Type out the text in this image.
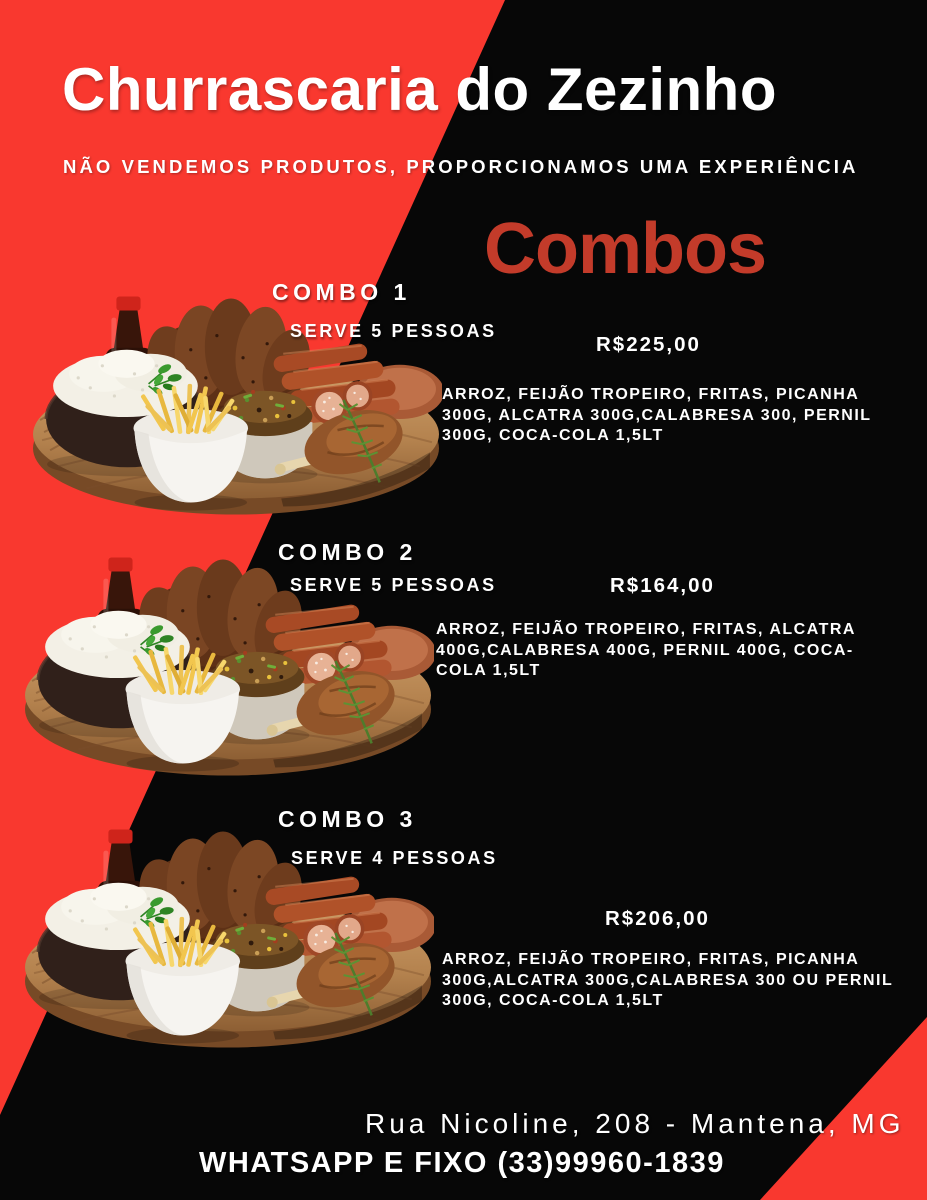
Churrascaria do Zezinho
NÃO VENDEMOS PRODUTOS, PROPORCIONAMOS UMA EXPERIÊNCIA
Combos
COMBO 1
SERVE 5 PESSOAS
R$225,00
ARROZ, FEIJÃO TROPEIRO, FRITAS, PICANHA 300G, ALCATRA 300G,CALABRESA 300, PERNIL 300G, COCA-COLA 1,5LT
COMBO 2
SERVE 5 PESSOAS	R$164,00
ARROZ, FEIJÃO TROPEIRO, FRITAS, ALCATRA 400G,CALABRESA 400G, PERNIL 400G, COCA-COLA 1,5LT
COMBO 3
SERVE 4 PESSOAS
R$206,00
ARROZ, FEIJÃO TROPEIRO, FRITAS, PICANHA 300G,ALCATRA 300G,CALABRESA 300 OU PERNIL 300G, COCA-COLA 1,5LT
Rua Nicoline, 208 - Mantena, MG
WHATSAPP E FIXO (33)99960-1839
